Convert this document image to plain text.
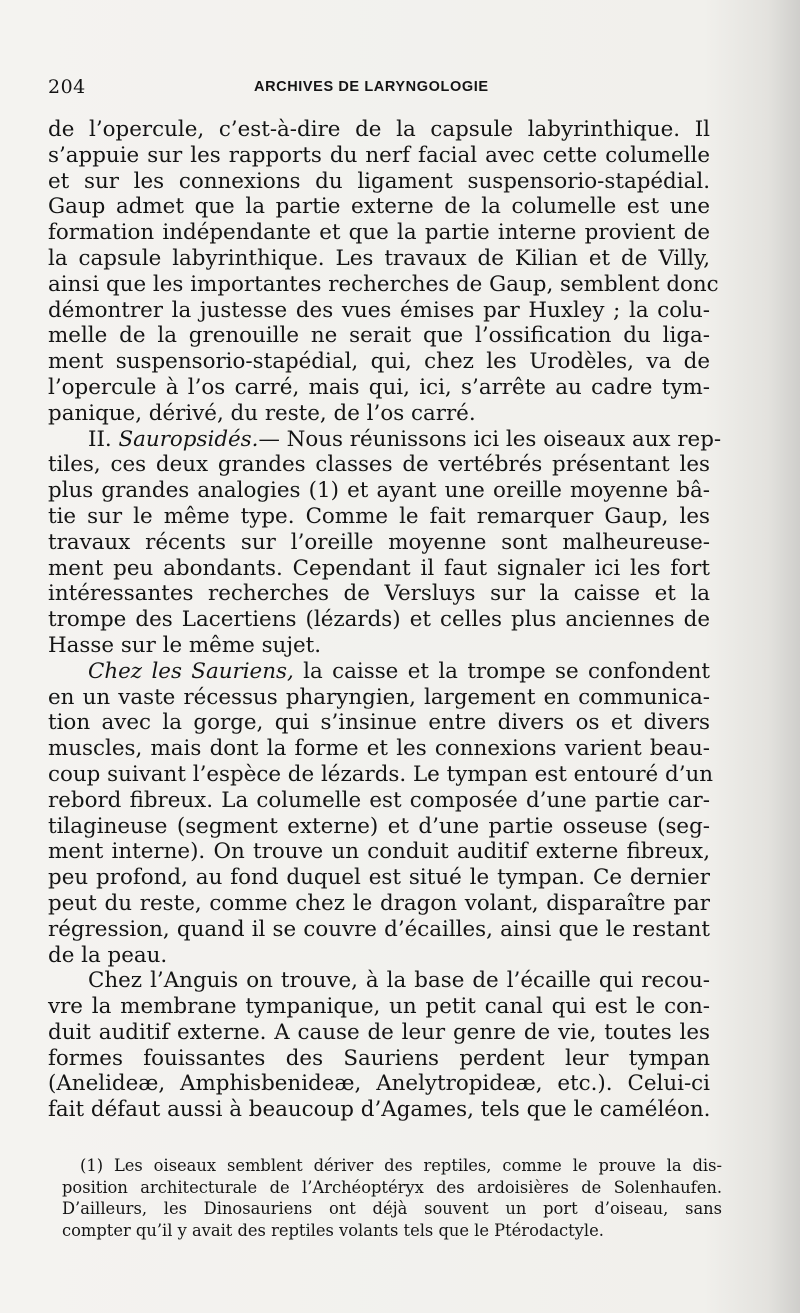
204	ARCHIVES DE LARYNGOLOGIE
de l’opercule, c’est-à-dire de la capsule labyrinthique. Il
s’appuie sur les rapports du nerf facial avec cette columelle
et sur les connexions du ligament suspensorio-stapédial.
Gaup admet que la partie externe de la columelle est une
formation indépendante et que la partie interne provient de
la capsule labyrinthique. Les travaux de Kilian et de Villy,
ainsi que les importantes recherches de Gaup, semblent donc
démontrer la justesse des vues émises par Huxley ; la colu-
melle de la grenouille ne serait que l’ossification du liga-
ment suspensorio-stapédial, qui, chez les Urodèles, va de
l’opercule à l’os carré, mais qui, ici, s’arrête au cadre tym-
panique, dérivé, du reste, de l’os carré.
II. Sauropsidés.— Nous réunissons ici les oiseaux aux rep-
tiles, ces deux grandes classes de vertébrés présentant les
plus grandes analogies (1) et ayant une oreille moyenne bâ-
tie sur le même type. Comme le fait remarquer Gaup, les
travaux récents sur l’oreille moyenne sont malheureuse-
ment peu abondants. Cependant il faut signaler ici les fort
intéressantes recherches de Versluys sur la caisse et la
trompe des Lacertiens (lézards) et celles plus anciennes de
Hasse sur le même sujet.
Chez les Sauriens, la caisse et la trompe se confondent
en un vaste récessus pharyngien, largement en communica-
tion avec la gorge, qui s’insinue entre divers os et divers
muscles, mais dont la forme et les connexions varient beau-
coup suivant l’espèce de lézards. Le tympan est entouré d’un
rebord fibreux. La columelle est composée d’une partie car-
tilagineuse (segment externe) et d’une partie osseuse (seg-
ment interne). On trouve un conduit auditif externe fibreux,
peu profond, au fond duquel est situé le tympan. Ce dernier
peut du reste, comme chez le dragon volant, disparaître par
régression, quand il se couvre d’écailles, ainsi que le restant
de la peau.
Chez l’Anguis on trouve, à la base de l’écaille qui recou-
vre la membrane tympanique, un petit canal qui est le con-
duit auditif externe. A cause de leur genre de vie, toutes les
formes fouissantes des Sauriens perdent leur tympan
(Anelideæ, Amphisbenideæ, Anelytropideæ, etc.). Celui-ci
fait défaut aussi à beaucoup d’Agames, tels que le caméléon.
(1) Les oiseaux semblent dériver des reptiles, comme le prouve la dis-
position architecturale de l’Archéoptéryx des ardoisières de Solenhaufen.
D’ailleurs, les Dinosauriens ont déjà souvent un port d’oiseau, sans
compter qu’il y avait des reptiles volants tels que le Ptérodactyle.
